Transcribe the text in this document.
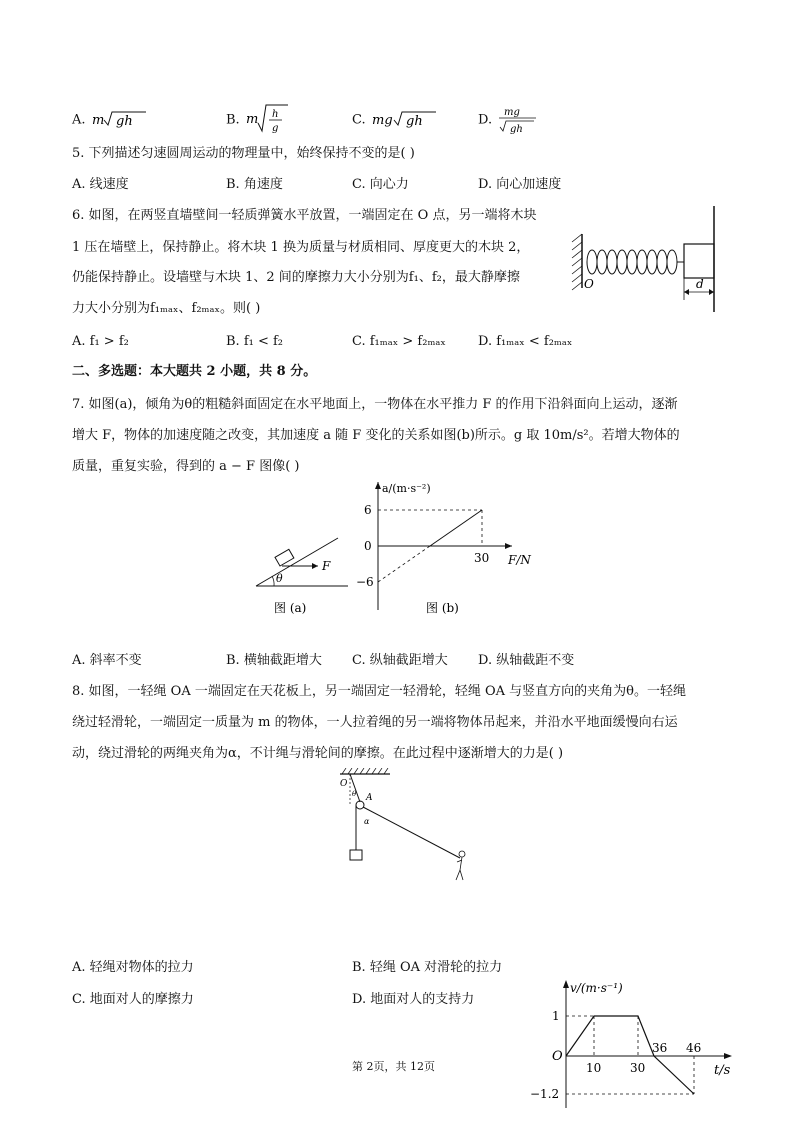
A. m gh	B. m h
g
C. mg gh	D. mg
gh
5. 下列描述匀速圆周运动的物理量中，始终保持不变的是( )
A. 线速度	B. 角速度	C. 向心力	D. 向心加速度
6. 如图，在两竖直墙壁间一轻质弹簧水平放置，一端固定在 O 点，另一端将木块
1 压在墙壁上，保持静止。将木块 1 换为质量与材质相同、厚度更大的木块 2，
仍能保持静止。设墙壁与木块 1、2 间的摩擦力大小分别为f₁、f₂，最大静摩擦
力大小分别为f₁ₘₐₓ、f₂ₘₐₓ。则( )
O	d
A. f₁ > f₂	B. f₁ < f₂	C. f₁ₘₐₓ > f₂ₘₐₓ D. f₁ₘₐₓ < f₂ₘₐₓ
二、多选题：本大题共 2 小题，共 8 分。
7. 如图(a)，倾角为θ的粗糙斜面固定在水平地面上，一物体在水平推力 F 的作用下沿斜面向上运动，逐渐
增大 F，物体的加速度随之改变，其加速度 a 随 F 变化的关系如图(b)所示。g 取 10m/s²。若增大物体的
质量，重复实验，得到的 a − F 图像( )
F
θ
图 (a)
a/(m·s⁻²)
F/N
6
0
−6
30
图 (b)
A. 斜率不变	B. 横轴截距增大 C. 纵轴截距增大 D. 纵轴截距不变
8. 如图，一轻绳 OA 一端固定在天花板上，另一端固定一轻滑轮，轻绳 OA 与竖直方向的夹角为θ。一轻绳
绕过轻滑轮，一端固定一质量为 m 的物体，一人拉着绳的另一端将物体吊起来，并沿水平地面缓慢向右运
动，绕过滑轮的两绳夹角为α，不计绳与滑轮间的摩擦。在此过程中逐渐增大的力是( )
O
θ A
α
A. 轻绳对物体的拉力	B. 轻绳 OA 对滑轮的拉力
C. 地面对人的摩擦力	D. 地面对人的支持力
v/(m·s⁻¹)
t/s
O
1
−1.2
10 30
36 46
第 2页，共 12页
